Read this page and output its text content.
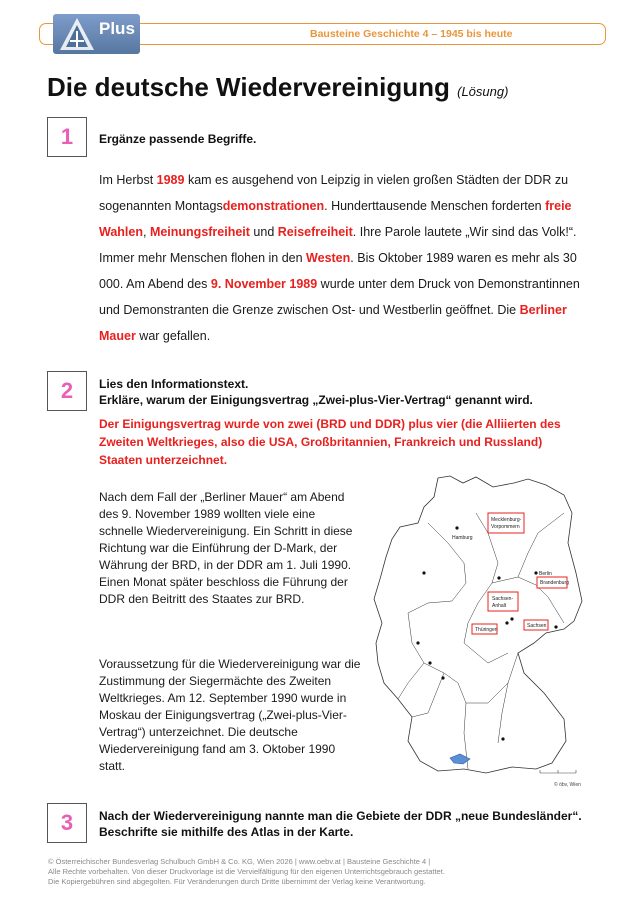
Bausteine Geschichte 4 – 1945 bis heute
Plus
Die deutsche Wiedervereinigung (Lösung)
1	Ergänze passende Begriffe.
Im Herbst 1989 kam es ausgehend von Leipzig in vielen großen Städten der DDR zu sogenannten Montagsdemonstrationen. Hunderttausende Menschen forderten freie Wahlen, Meinungsfreiheit und Reisefreiheit. Ihre Parole lautete „Wir sind das Volk!“. Immer mehr Menschen flohen in den Westen. Bis Oktober 1989 waren es mehr als 30 000. Am Abend des 9. November 1989 wurde unter dem Druck von Demonstrantinnen und Demonstranten die Grenze zwischen Ost- und Westberlin geöffnet. Die Berliner Mauer war gefallen.
2	Lies den Informationstext.
Erkläre, warum der Einigungsvertrag „Zwei-plus-Vier-Vertrag“ genannt wird.
Der Einigungsvertrag wurde von zwei (BRD und DDR) plus vier (die Alliierten des Zweiten Weltkrieges, also die USA, Großbritannien, Frankreich und Russland) Staaten unterzeichnet.
Nach dem Fall der „Berliner Mauer“ am Abend des 9. November 1989 wollten viele eine schnelle Wiedervereinigung. Ein Schritt in diese Richtung war die Einführung der D-Mark, der Währung der BRD, in der DDR am 1. Juli 1990. Einen Monat später beschloss die Führung der DDR den Beitritt des Staates zur BRD.
Voraussetzung für die Wiedervereinigung war die Zustimmung der Siegermächte des Zweiten Weltkrieges. Am 12. September 1990 wurde in Moskau der Einigungsvertrag („Zwei-plus-Vier-Vertrag“) unterzeichnet. Die deutsche Wiedervereinigung fand am 3. Oktober 1990 statt.
Hamburg
Berlin
Mecklenburg-
Vorpommern
Brandenburg
Sachsen-
Anhalt
Thüringen
Sachsen
© öbv, Wien
3	Nach der Wiedervereinigung nannte man die Gebiete der DDR „neue Bundesländer“.
Beschrifte sie mithilfe des Atlas in der Karte.
© Österreichischer Bundesverlag Schulbuch GmbH & Co. KG, Wien 2026 | www.oebv.at | Bausteine Geschichte 4 |
Alle Rechte vorbehalten. Von dieser Druckvorlage ist die Vervielfältigung für den eigenen Unterrichtsgebrauch gestattet.
Die Kopiergebühren sind abgegolten. Für Veränderungen durch Dritte übernimmt der Verlag keine Verantwortung.
